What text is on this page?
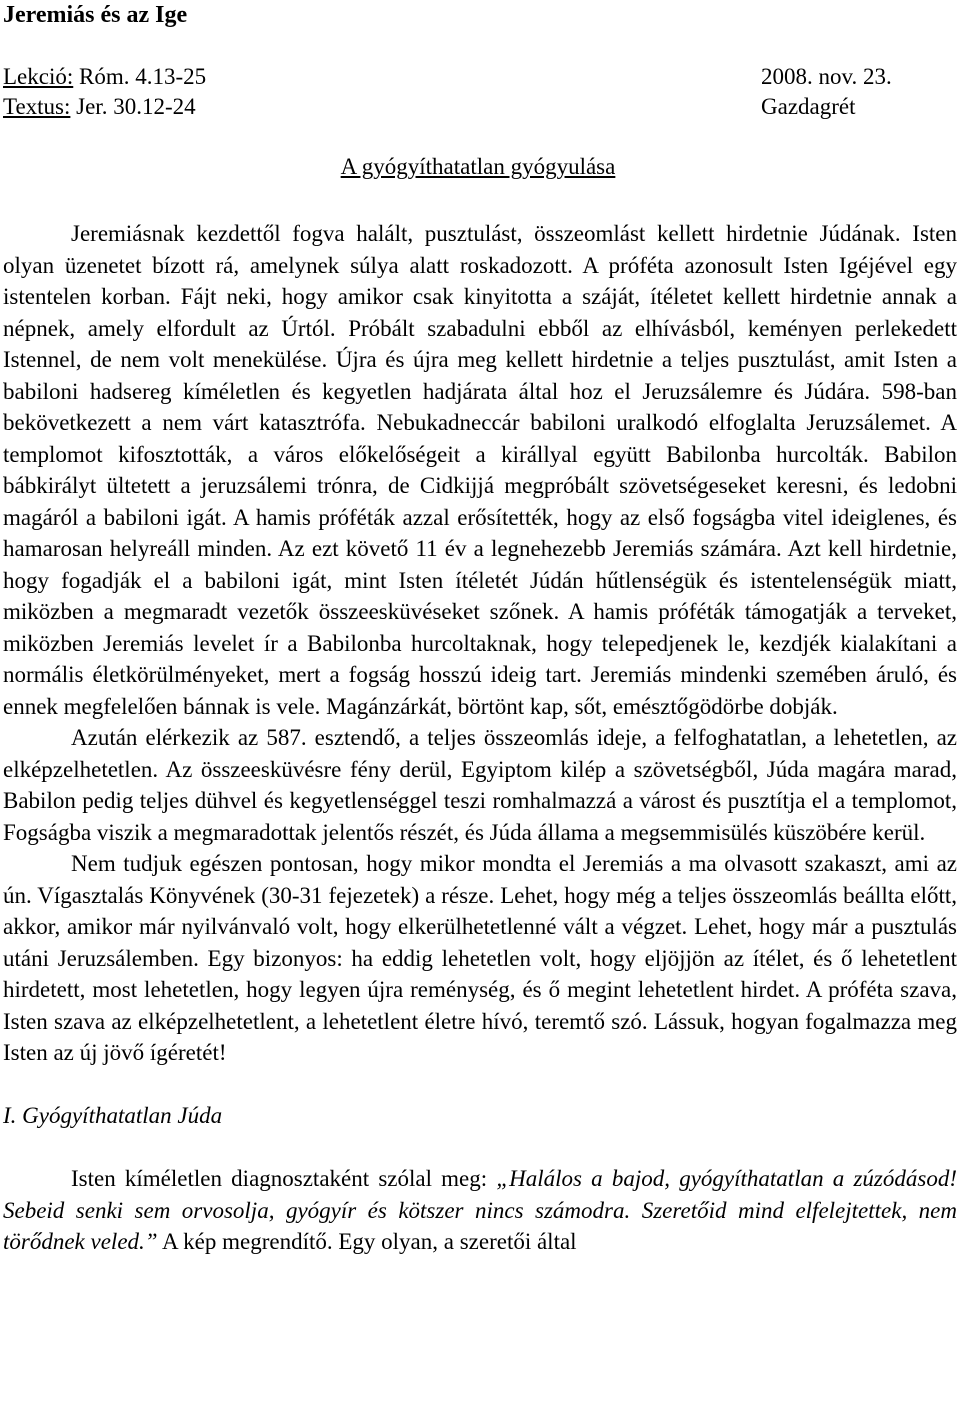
Jeremiás és az Ige
Lekció: Róm. 4.13-25	2008. nov. 23.
Textus: Jer. 30.12-24	Gazdagrét
A gyógyíthatatlan gyógyulása

Jeremiásnak kezdettől fogva halált, pusztulást, összeomlást kellett hirdetnie Júdának. Isten olyan üzenetet bízott rá, amelynek súlya alatt roskadozott. A próféta azonosult Isten Igéjével egy istentelen korban. Fájt neki, hogy amikor csak kinyitotta a száját, ítéletet kellett hirdetnie annak a népnek, amely elfordult az Úrtól. Próbált szabadulni ebből az elhívásból, keményen perlekedett Istennel, de nem volt menekülése. Újra és újra meg kellett hirdetnie a teljes pusztulást, amit Isten a babiloni hadsereg kíméletlen és kegyetlen hadjárata által hoz el Jeruzsálemre és Júdára. 598-ban bekövetkezett a nem várt katasztrófa. Nebukadneccár babiloni uralkodó elfoglalta Jeruzsálemet. A templomot kifosztották, a város előkelőségeit a királlyal együtt Babilonba hurcolták. Babilon bábkirályt ültetett a jeruzsálemi trónra, de Cidkijjá megpróbált szövetségeseket keresni, és ledobni magáról a babiloni igát. A hamis próféták azzal erősítették, hogy az első fogságba vitel ideiglenes, és hamarosan helyreáll minden. Az ezt követő 11 év a legnehezebb Jeremiás számára. Azt kell hirdetnie, hogy fogadják el a babiloni igát, mint Isten ítéletét Júdán hűtlenségük és istentelenségük miatt, miközben a megmaradt vezetők összeesküvéseket szőnek. A hamis próféták támogatják a terveket, miközben Jeremiás levelet ír a Babilonba hurcoltaknak, hogy telepedjenek le, kezdjék kialakítani a normális életkörülményeket, mert a fogság hosszú ideig tart. Jeremiás mindenki szemében áruló, és ennek megfelelően bánnak is vele. Magánzárkát, börtönt kap, sőt, emésztőgödörbe dobják.

Azután elérkezik az 587. esztendő, a teljes összeomlás ideje, a felfoghatatlan, a lehetetlen, az elképzelhetetlen. Az összeesküvésre fény derül, Egyiptom kilép a szövetségből, Júda magára marad, Babilon pedig teljes dühvel és kegyetlenséggel teszi romhalmazzá a várost és pusztítja el a templomot, Fogságba viszik a megmaradottak jelentős részét, és Júda állama a megsemmisülés küszöbére kerül.

Nem tudjuk egészen pontosan, hogy mikor mondta el Jeremiás a ma olvasott szakaszt, ami az ún. Vígasztalás Könyvének (30-31 fejezetek) a része. Lehet, hogy még a teljes összeomlás beállta előtt, akkor, amikor már nyilvánvaló volt, hogy elkerülhetetlenné vált a végzet. Lehet, hogy már a pusztulás utáni Jeruzsálemben. Egy bizonyos: ha eddig lehetetlen volt, hogy eljöjjön az ítélet, és ő lehetetlent hirdetett, most lehetetlen, hogy legyen újra reménység, és ő megint lehetetlent hirdet. A próféta szava, Isten szava az elképzelhetetlent, a lehetetlent életre hívó, teremtő szó. Lássuk, hogyan fogalmazza meg Isten az új jövő ígéretét!

I. Gyógyíthatatlan Júda

Isten kíméletlen diagnosztaként szólal meg: „Halálos a bajod, gyógyíthatatlan a zúzódásod! Sebeid senki sem orvosolja, gyógyír és kötszer nincs számodra. Szeretőid mind elfelejtettek, nem törődnek veled.” A kép megrendítő. Egy olyan, a szeretői által
